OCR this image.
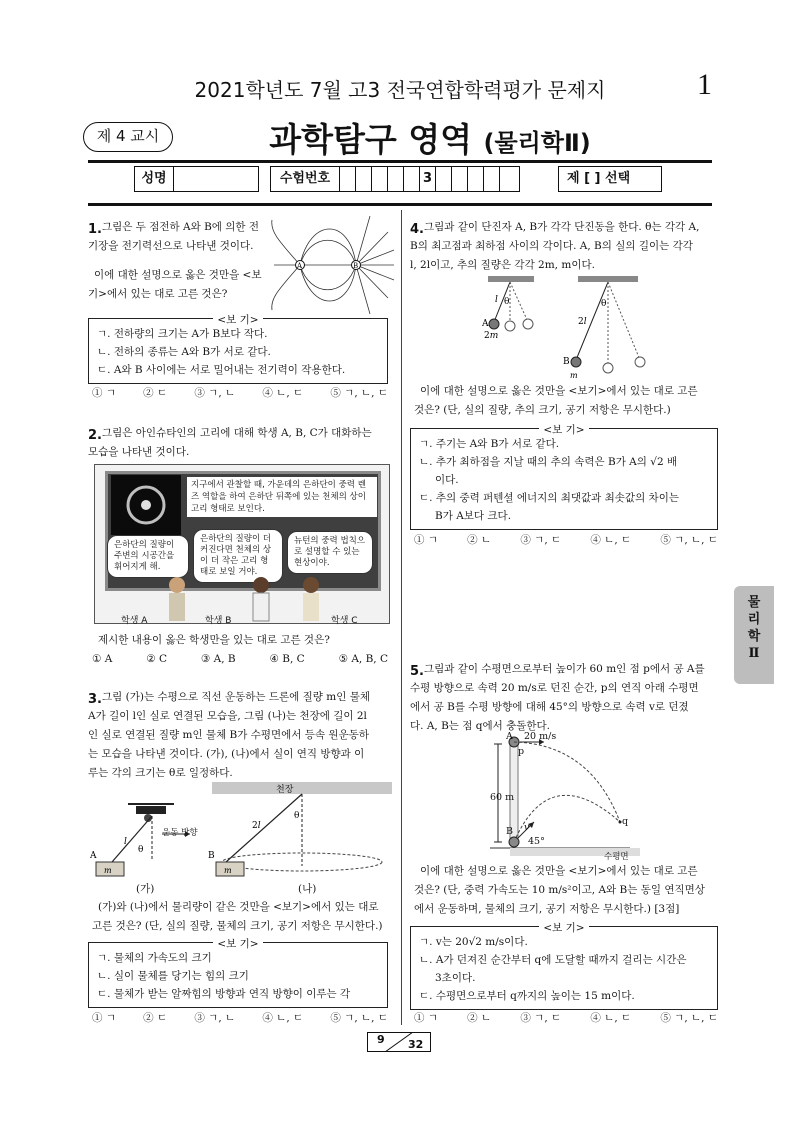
2021학년도 7월 고3 전국연합학력평가 문제지	1
제 4 교시	과학탐구 영역 (물리학Ⅱ)
성명	수험번호	3	제 [ ] 선택
1. 그림은 두 점전하 A와 B에 의한 전
기장을 전기력선으로 나타낸 것이다.
이에 대한 설명으로 옳은 것만을 <보
기>에서 있는 대로 고른 것은?
A	B
<보 기>
ㄱ. 전하량의 크기는 A가 B보다 작다.
ㄴ. 전하의 종류는 A와 B가 서로 같다.
ㄷ. A와 B 사이에는 서로 밀어내는 전기력이 작용한다.
① ㄱ	② ㄷ	③ ㄱ, ㄴ	④ ㄴ, ㄷ	⑤ ㄱ, ㄴ, ㄷ
2. 그림은 아인슈타인의 고리에 대해 학생 A, B, C가 대화하는
모습을 나타낸 것이다.
지구에서 관찰할 때, 가운데의 은하단이 중력 렌즈 역할을 하여 은하단 뒤쪽에 있는 천체의 상이 고리 형태로 보인다.
은하단의 질량이 주변의 시공간을 휘어지게 해.
은하단의 질량이 더 커진다면 천체의 상이 더 작은 고리 형태로 보일 거야.
뉴턴의 중력 법칙으로 설명할 수 있는 현상이야.
학생 A	학생 B	학생 C
제시한 내용이 옳은 학생만을 있는 대로 고른 것은?
① A	② C	③ A, B	④ B, C	⑤ A, B, C
3. 그림 (가)는 수평으로 직선 운동하는 드론에 질량 m인 물체
A가 길이 l인 실로 연결된 모습을, 그림 (나)는 천장에 길이 2l
인 실로 연결된 질량 m인 물체 B가 수평면에서 등속 원운동하
는 모습을 나타낸 것이다. (가), (나)에서 실이 연직 방향과 이
루는 각의 크기는 θ로 일정하다.
l
θ
A
m
2l
θ
B
m
천장
운동 방향
(가)	(나)
(가)와 (나)에서 물리량이 같은 것만을 <보기>에서 있는 대로
고른 것은? (단, 실의 질량, 물체의 크기, 공기 저항은 무시한다.)
<보 기>
ㄱ. 물체의 가속도의 크기
ㄴ. 실이 물체를 당기는 힘의 크기
ㄷ. 물체가 받는 알짜힘의 방향과 연직 방향이 이루는 각
① ㄱ	② ㄷ	③ ㄱ, ㄴ	④ ㄴ, ㄷ	⑤ ㄱ, ㄴ, ㄷ
4. 그림과 같이 단진자 A, B가 각각 단진동을 한다. θ는 각각 A,
B의 최고점과 최하점 사이의 각이다. A, B의 실의 길이는 각각
l, 2l이고, 추의 질량은 각각 2m, m이다.
l θ
A
2m
2l
θ
B
m
이에 대한 설명으로 옳은 것만을 <보기>에서 있는 대로 고른
것은? (단, 실의 질량, 추의 크기, 공기 저항은 무시한다.)
<보 기>
ㄱ. 주기는 A와 B가 서로 같다.
ㄴ. 추가 최하점을 지날 때의 추의 속력은 B가 A의 √2 배
이다.
ㄷ. 추의 중력 퍼텐셜 에너지의 최댓값과 최솟값의 차이는
B가 A보다 크다.
① ㄱ	② ㄴ	③ ㄱ, ㄷ	④ ㄴ, ㄷ	⑤ ㄱ, ㄴ, ㄷ
물
리
학
Ⅱ
5. 그림과 같이 수평면으로부터 높이가 60 m인 점 p에서 공 A를
수평 방향으로 속력 20 m/s로 던진 순간, p의 연직 아래 수평면
에서 공 B를 수평 방향에 대해 45°의 방향으로 속력 v로 던졌
다. A, B는 점 q에서 충돌한다.
A 20 m/s
p
60 m
B v
45°
q
수평면
이에 대한 설명으로 옳은 것만을 <보기>에서 있는 대로 고른
것은? (단, 중력 가속도는 10 m/s²이고, A와 B는 동일 연직면상
에서 운동하며, 물체의 크기, 공기 저항은 무시한다.) [3점]
<보 기>
ㄱ. v는 20√2 m/s이다.
ㄴ. A가 던져진 순간부터 q에 도달할 때까지 걸리는 시간은
3초이다.
ㄷ. 수평면으로부터 q까지의 높이는 15 m이다.
① ㄱ	② ㄴ	③ ㄱ, ㄷ	④ ㄴ, ㄷ	⑤ ㄱ, ㄴ, ㄷ
9 32
